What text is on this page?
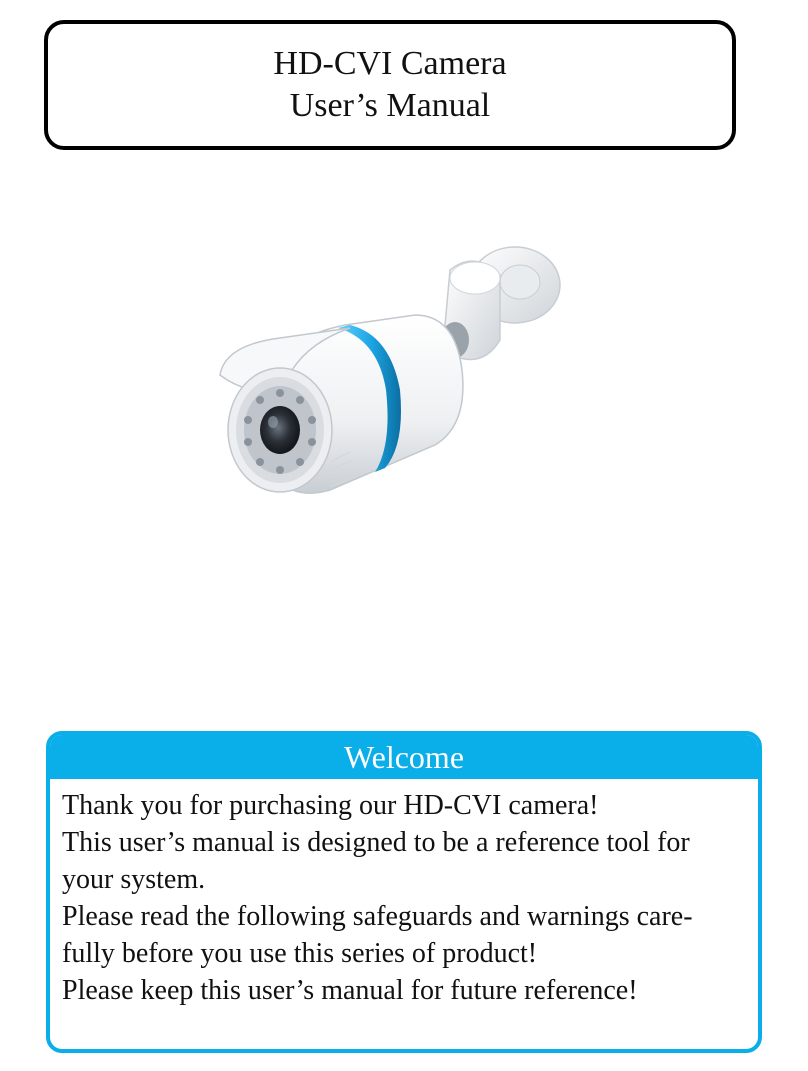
HD-CVI Camera
User’s Manual
Welcome
Thank you for purchasing our HD-CVI camera!
This user’s manual is designed to be a reference tool for
your system.
Please read the following safeguards and warnings care-
fully before you use this series of product!
Please keep this user’s manual for future reference!
